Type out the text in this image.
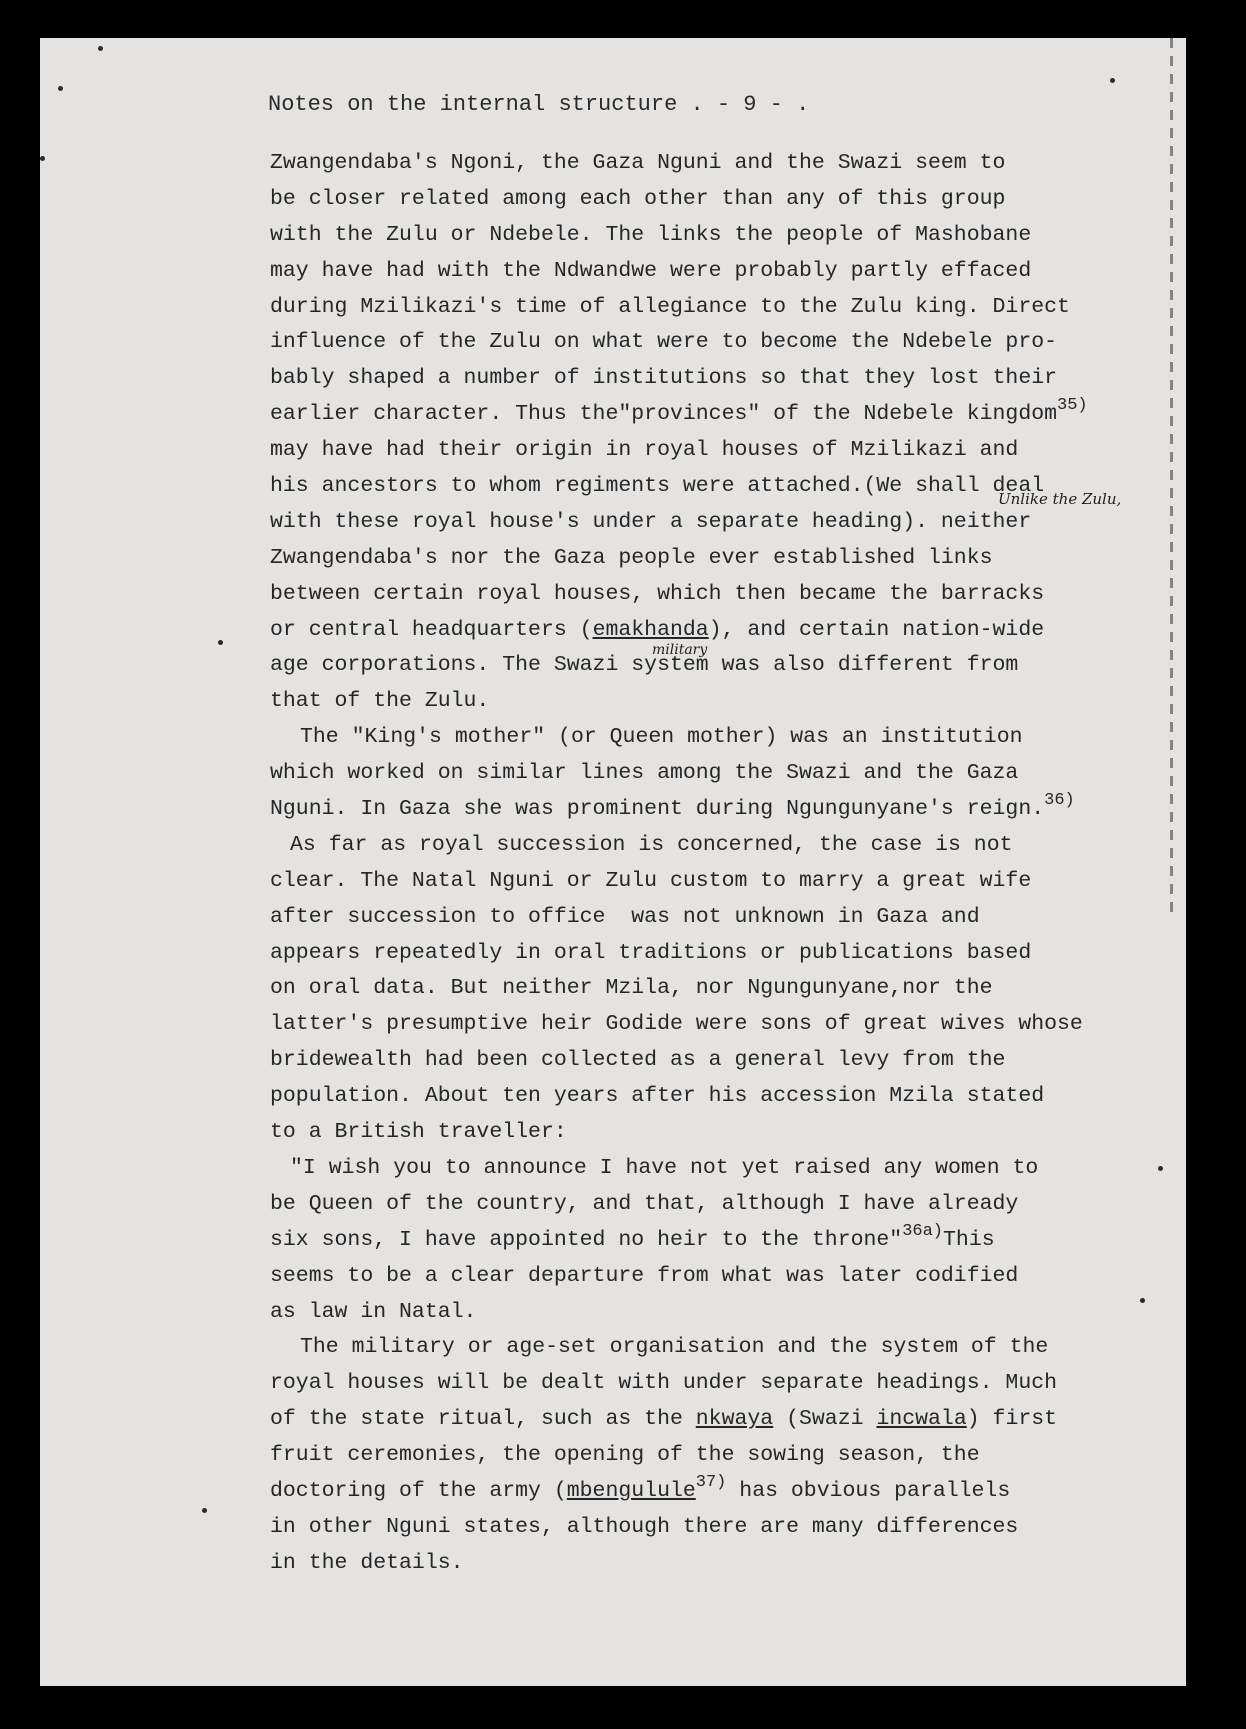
Notes on the internal structure . - 9 - .
Zwangendaba's Ngoni, the Gaza Nguni and the Swazi seem to
be closer related among each other than any of this group
with the Zulu or Ndebele. The links the people of Mashobane
may have had with the Ndwandwe were probably partly effaced
during Mzilikazi's time of allegiance to the Zulu king. Direct
influence of the Zulu on what were to become the Ndebele pro-
bably shaped a number of institutions so that they lost their
earlier character. Thus the"provinces" of the Ndebele kingdom$^{35)}$
may have had their origin in royal houses of Mzilikazi and
his ancestors to whom regiments were attached.(We shall deal
with these royal house's under a separate heading). neither
Zwangendaba's nor the Gaza people ever established links
between certain royal houses, which then became the barracks
or central headquarters (emakhanda), and certain nation-wide
age corporations. The Swazi system was also different from
that of the Zulu.
The "King's mother" (or Queen mother) was an institution
which worked on similar lines among the Swazi and the Gaza
Nguni. In Gaza she was prominent during Ngungunyane's reign.$^{36)}$
As far as royal succession is concerned, the case is not
clear. The Natal Nguni or Zulu custom to marry a great wife
after succession to office  was not unknown in Gaza and
appears repeatedly in oral traditions or publications based
on oral data. But neither Mzila, nor Ngungunyane,nor the
latter's presumptive heir Godide were sons of great wives whose
bridewealth had been collected as a general levy from the
population. About ten years after his accession Mzila stated
to a British traveller:
"I wish you to announce I have not yet raised any women to
be Queen of the country, and that, although I have already
six sons, I have appointed no heir to the throne"$^{36a)}$This
seems to be a clear departure from what was later codified
as law in Natal.
The military or age-set organisation and the system of the
royal houses will be dealt with under separate headings. Much
of the state ritual, such as the nkwaya (Swazi incwala) first
fruit ceremonies, the opening of the sowing season, the
doctoring of the army (mbengulule$^{37)}$ has obvious parallels
in other Nguni states, although there are many differences
in the details.
Unlike the Zulu,
military
